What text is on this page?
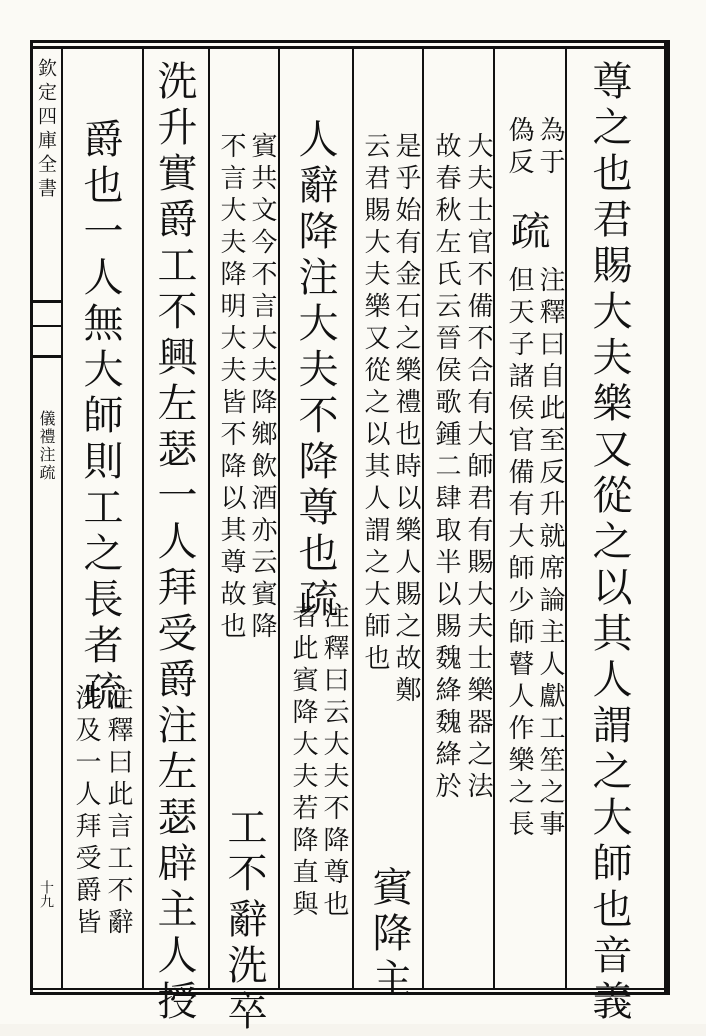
欽定四庫全書
儀禮注疏
十九	尊之也君賜大夫樂又從之以其人謂之大師也音義
為于
偽反
疏
注釋曰自此至反升就席論主人獻工笙之事
但天子諸侯官備有大師少師瞽人作樂之長
大夫士官不備不合有大師君有賜大夫士樂器之法
故春秋左氏云晉侯歌鍾二肆取半以賜魏絳魏絳於
是乎始有金石之樂禮也時以樂人賜之故鄭
云君賜大夫樂又從之以其人謂之大師也
賓降主
人辭降注大夫不降尊也疏
注釋曰云大夫不降尊也
者此賓降大夫若降直與
賓共文今不言大夫降鄉飲酒亦云賓降
不言大夫降明大夫皆不降以其尊故也
工不辭洗卒
洗升實爵工不興左瑟一人拜受爵注左瑟辟主人授
爵也一人無大師則工之長者疏
注釋曰此言工不辭
洗及一人拜受爵皆
